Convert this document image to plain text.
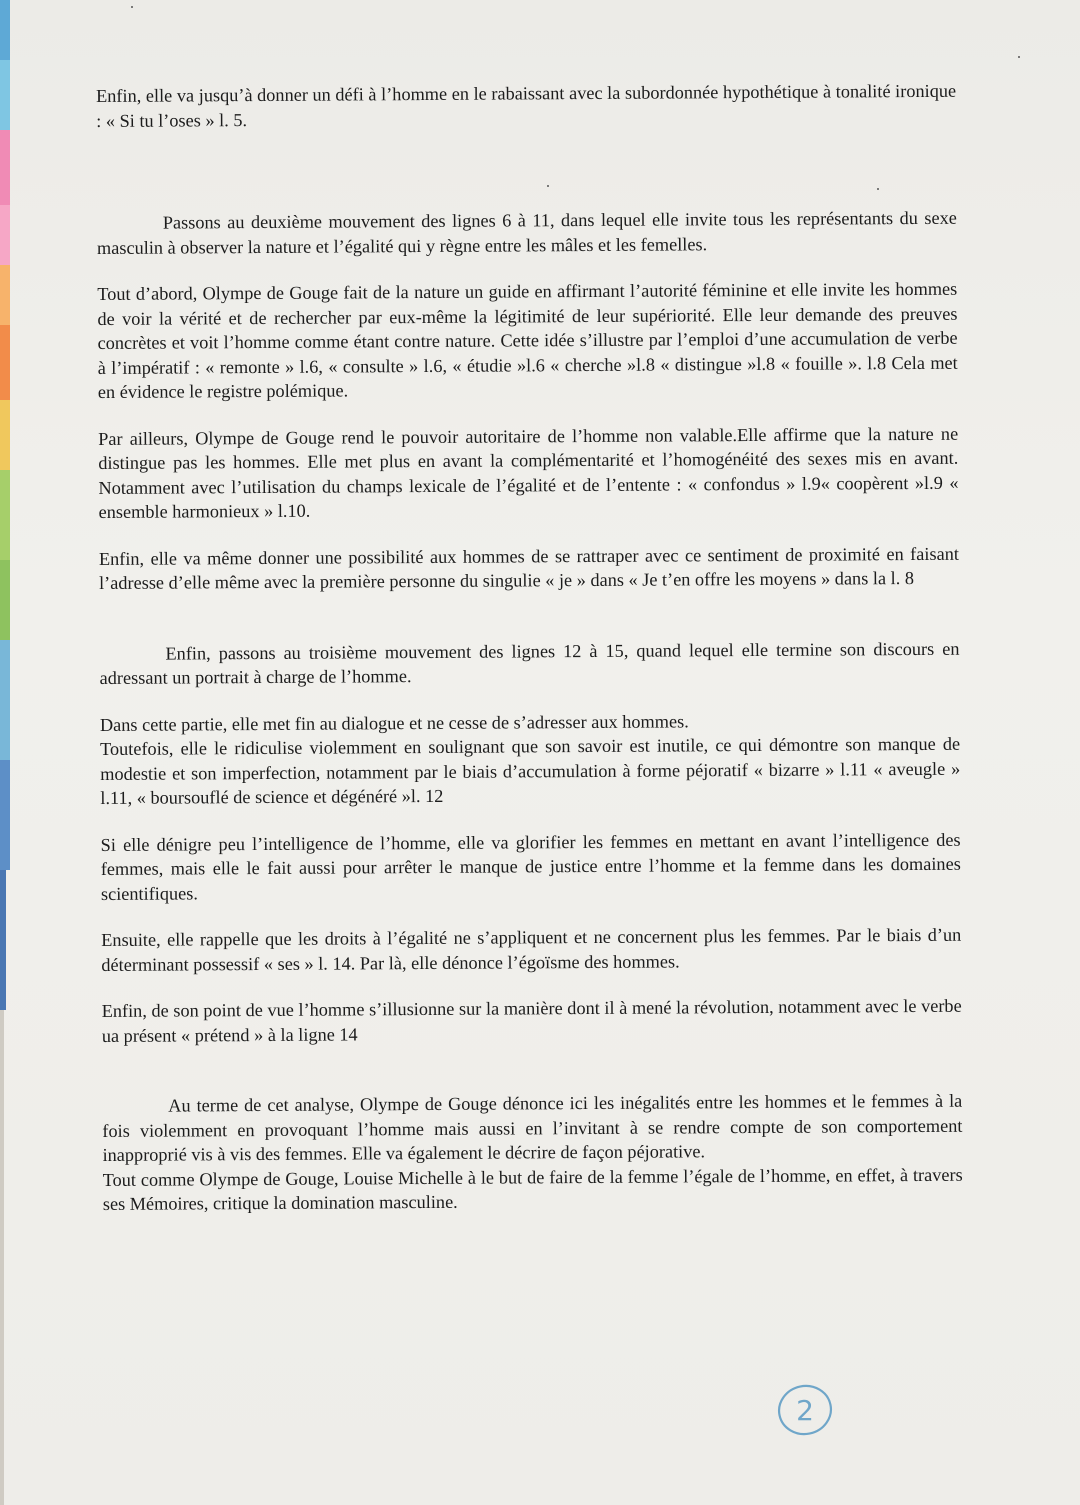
Enfin, elle va jusqu’à donner un défi à l’homme en le rabaissant avec la subordonnée hypothétique à tonalité ironique : « Si tu l’oses » l. 5.

Passons au deuxième mouvement des lignes 6 à 11, dans lequel elle invite tous les représentants du sexe masculin à observer la nature et l’égalité qui y règne entre les mâles et les femelles.

Tout d’abord, Olympe de Gouge fait de la nature un guide en affirmant l’autorité féminine et elle invite les hommes de voir la vérité et de rechercher par eux-même la légitimité de leur supériorité. Elle leur demande des preuves concrètes et voit l’homme comme étant contre nature. Cette idée s’illustre par l’emploi d’une accumulation de verbe à l’impératif : « remonte » l.6, « consulte » l.6, « étudie »l.6 « cherche »l.8 « distingue »l.8 « fouille ». l.8 Cela met en évidence le registre polémique.

Par ailleurs, Olympe de Gouge rend le pouvoir autoritaire de l’homme non valable.Elle affirme que la nature ne distingue pas les hommes. Elle met plus en avant la complémentarité et l’homogénéité des sexes mis en avant. Notamment avec l’utilisation du champs lexicale de l’égalité et de l’entente : « confondus » l.9« coopèrent »l.9 « ensemble harmonieux » l.10.

Enfin, elle va même donner une possibilité aux hommes de se rattraper avec ce sentiment de proximité en faisant l’adresse d’elle même avec la première personne du singulie « je » dans « Je t’en offre les moyens » dans la l. 8

Enfin, passons au troisième mouvement des lignes 12 à 15, quand lequel elle termine son discours en adressant un portrait à charge de l’homme.

Dans cette partie, elle met fin au dialogue et ne cesse de s’adresser aux hommes.

Toutefois, elle le ridiculise violemment en soulignant que son savoir est inutile, ce qui démontre son manque de modestie et son imperfection, notamment par le biais d’accumulation à forme péjoratif « bizarre » l.11 « aveugle » l.11, « boursouflé de science et dégénéré »l. 12

Si elle dénigre peu l’intelligence de l’homme, elle va glorifier les femmes en mettant en avant l’intelligence des femmes, mais elle le fait aussi pour arrêter le manque de justice entre l’homme et la femme dans les domaines scientifiques.

Ensuite, elle rappelle que les droits à l’égalité ne s’appliquent et ne concernent plus les femmes. Par le biais d’un déterminant possessif « ses » l. 14. Par là, elle dénonce l’égoïsme des hommes.

Enfin, de son point de vue l’homme s’illusionne sur la manière dont il à mené la révolution, notamment avec le verbe ua présent « prétend » à la ligne 14

Au terme de cet analyse, Olympe de Gouge dénonce ici les inégalités entre les hommes et le femmes à la fois violemment en provoquant l’homme mais aussi en l’invitant à se rendre compte de son comportement inapproprié vis à vis des femmes. Elle va également le décrire de façon péjorative.

Tout comme Olympe de Gouge, Louise Michelle à le but de faire de la femme l’égale de l’homme, en effet, à travers ses Mémoires, critique la domination masculine.

2
